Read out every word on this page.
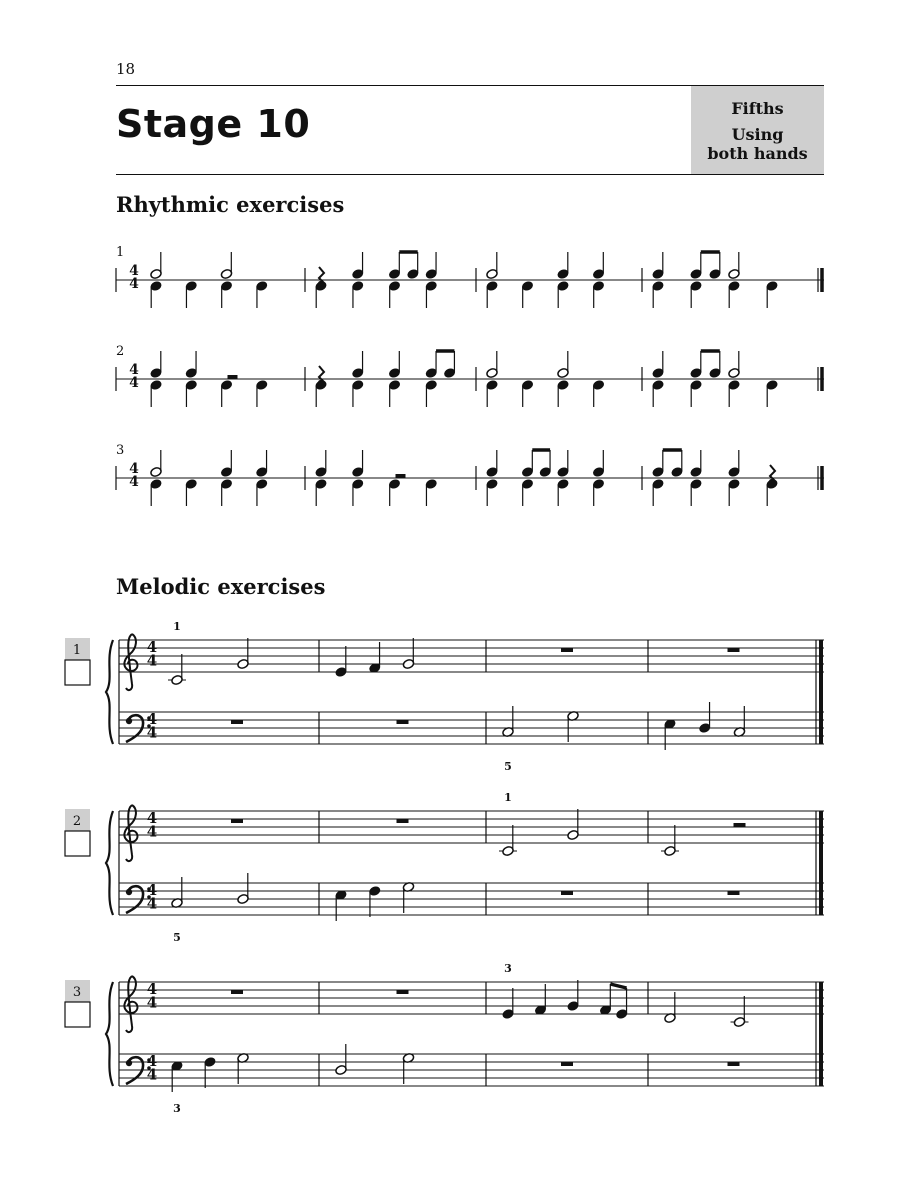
18
Stage 10	Fifths
Using
both hands
Rhythmic exercises
Melodic exercises
1
4
4
2
4
4
3
4
4
1	4
4
4
4
1
5
2	4
4
4
4
1
5
3	4
4
4
4
3
3
